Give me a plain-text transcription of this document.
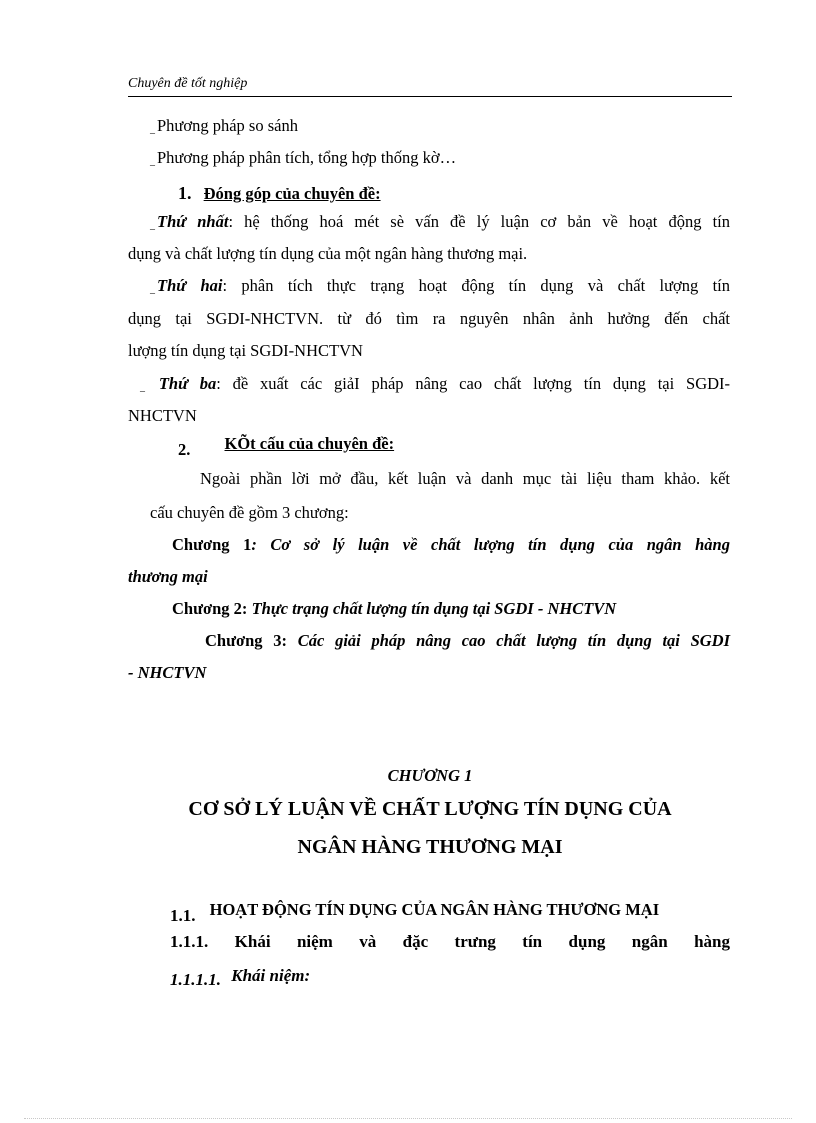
Chuyên đề tốt nghiệp
_ Phương pháp so sánh
_ Phương pháp phân tích, tổng hợp thống kờ…
1. Đóng góp của chuyên đề:
_ Thứ nhất: hệ thống hoá mét sè vấn đề lý luận cơ bản về hoạt động tín
dụng và chất lượng tín dụng của một ngân hàng thương mại.
_ Thứ hai: phân tích thực trạng hoạt động tín dụng và chất lượng tín
dụng tại SGDI-NHCTVN. từ đó tìm ra nguyên nhân ảnh hưởng đến chất
lượng tín dụng tại SGDI-NHCTVN
_ Thứ ba: đề xuất các giảI pháp nâng cao chất lượng tín dụng tại SGDI-
NHCTVN
2. KÕt cấu của chuyên đề:
Ngoài phần lời mở đầu, kết luận và danh mục tài liệu tham khảo. kết
cấu chuyên đề gồm 3 chương:
Chương 1: Cơ sở lý luận về chất lượng tín dụng của ngân hàng
thương mại
Chương 2: Thực trạng chất lượng tín dụng tại SGDI - NHCTVN
Chương 3: Các giải pháp nâng cao chất lượng tín dụng tại SGDI
- NHCTVN
CHƯƠNG 1
CƠ SỞ LÝ LUẬN VỀ CHẤT LƯỢNG TÍN DỤNG CỦA
NGÂN HÀNG THƯƠNG MẠI
1.1. HOẠT ĐỘNG TÍN DỤNG CỦA NGÂN HÀNG THƯƠNG MẠI
1.1.1. Khái niệm và đặc trưng tín dụng ngân hàng
1.1.1.1. Khái niệm:
